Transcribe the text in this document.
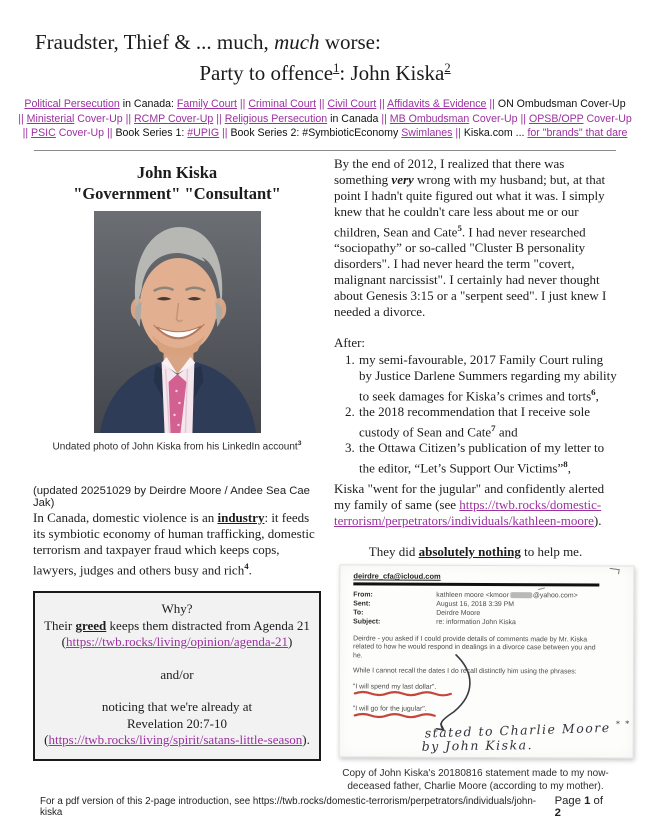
Fraudster, Thief & ... much, much worse:
Party to offence$^1$: John Kiska$^2$
Political Persecution in Canada: Family Court || Criminal Court || Civil Court || Affidavits & Evidence || ON Ombudsman Cover-Up
|| Ministerial Cover-Up || RCMP Cover-Up || Religious Persecution in Canada || MB Ombudsman Cover-Up || OPSB/OPP Cover-Up
|| PSIC Cover-Up || Book Series 1: #UPIG || Book Series 2: #SymbioticEconomy Swimlanes || Kiska.com ... for "brands" that dare
John Kiska
"Government" "Consultant"
Undated photo of John Kiska from his LinkedIn account$^3$
(updated 20251029 by Deirdre Moore / Andee Sea Cae Jak)

In Canada, domestic violence is an industry: it feeds its symbiotic economy of human trafficking, domestic terrorism and taxpayer fraud which keeps cops, lawyers, judges and others busy and rich$^4$.

Why?
Their greed keeps them distracted from Agenda 21
(https://twb.rocks/living/opinion/agenda-21)
and/or
noticing that we're already at
Revelation 20:7-10
(https://twb.rocks/living/spirit/satans-little-season).

By the end of 2012, I realized that there was something very wrong with my husband; but, at that point I hadn't quite figured out what it was. I simply knew that he couldn't care less about me or our children, Sean and Cate$^5$. I had never researched “sociopathy” or so-called "Cluster B personality disorders". I had never heard the term "covert, malignant narcissist". I certainly had never thought about Genesis 3:15 or a "serpent seed". I just knew I needed a divorce.

After:

1. my semi-favourable, 2017 Family Court ruling by Justice Darlene Summers regarding my ability to seek damages for Kiska’s crimes and torts$^6$,
2. the 2018 recommendation that I receive sole custody of Sean and Cate$^7$ and
3. the Ottawa Citizen’s publication of my letter to the editor, “Let’s Support Our Victims”$^8$,

Kiska "went for the jugular" and confidently alerted my family of same (see https://twb.rocks/domestic-terrorism/perpetrators/individuals/kathleen-moore).

They did absolutely nothing to help me.

deirdre_cfa@icloud.com
From:	kathleen moore <kmoor	@yahoo.com>
Sent:	August 16, 2018 3:39 PM
To:	Deirdre Moore
Subject:	re: information John Kiska
Deirdre - you asked if I could provide details of comments made by Mr. Kiska related to how he would respond in dealings in a divorce case between you and he.
While I cannot recall the dates I do recall distinctly him using the phrases:
"I will spend my last dollar".
"I will go for the jugular".
stated to Charlie Moore * *
by John Kiska.
Copy of John Kiska's 20180816 statement made to my now-deceased father, Charlie Moore (according to my mother).
For a pdf version of this 2-page introduction, see https://twb.rocks/domestic-terrorism/perpetrators/individuals/john-kiska
Page 1 of 2
